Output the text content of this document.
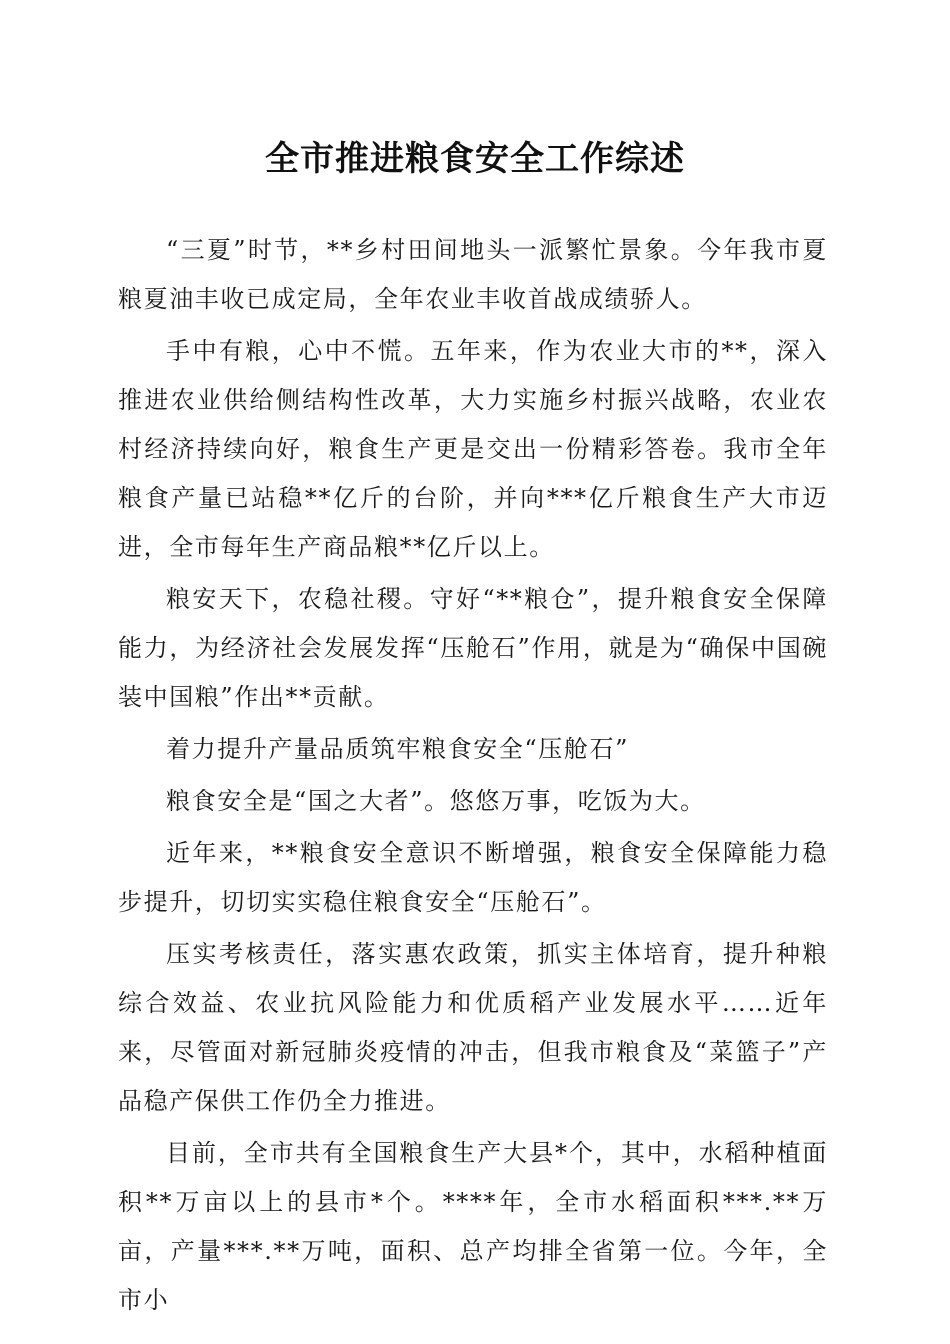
全市推进粮食安全工作综述

“三夏”时节，**乡村田间地头一派繁忙景象。今年我市夏粮夏油丰收已成定局，全年农业丰收首战成绩骄人。

手中有粮，心中不慌。五年来，作为农业大市的**，深入推进农业供给侧结构性改革，大力实施乡村振兴战略，农业农村经济持续向好，粮食生产更是交出一份精彩答卷。我市全年粮食产量已站稳**亿斤的台阶，并向***亿斤粮食生产大市迈进，全市每年生产商品粮**亿斤以上。

粮安天下，农稳社稷。守好“**粮仓”，提升粮食安全保障能力，为经济社会发展发挥“压舱石”作用，就是为“确保中国碗装中国粮”作出**贡献。

着力提升产量品质筑牢粮食安全“压舱石”

粮食安全是“国之大者”。悠悠万事，吃饭为大。

近年来，**粮食安全意识不断增强，粮食安全保障能力稳步提升，切切实实稳住粮食安全“压舱石”。

压实考核责任，落实惠农政策，抓实主体培育，提升种粮综合效益、农业抗风险能力和优质稻产业发展水平……近年来，尽管面对新冠肺炎疫情的冲击，但我市粮食及“菜篮子”产品稳产保供工作仍全力推进。

目前，全市共有全国粮食生产大县*个，其中，水稻种植面积**万亩以上的县市*个。****年，全市水稻面积***.**万亩，产量***.**万吨，面积、总产均排全省第一位。今年，全市小
